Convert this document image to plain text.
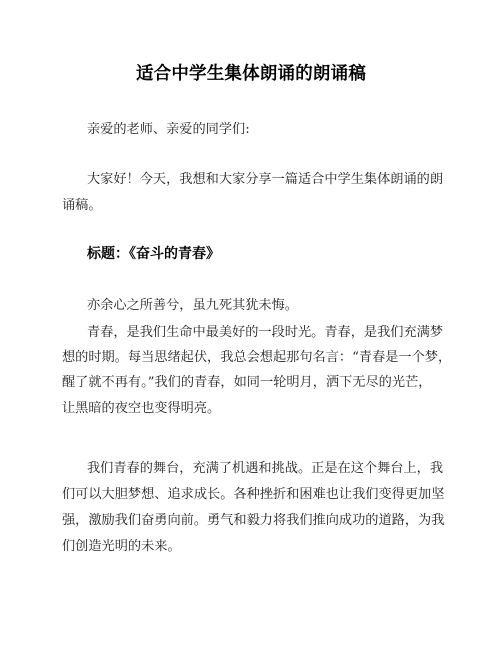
适合中学生集体朗诵的朗诵稿
亲爱的老师、亲爱的同学们:
大家好！今天，我想和大家分享一篇适合中学生集体朗诵的朗
诵稿。
标题：《奋斗的青春》
亦余心之所善兮，虽九死其犹未悔。
青春，是我们生命中最美好的一段时光。青春，是我们充满梦
想的时期。每当思绪起伏，我总会想起那句名言：“青春是一个梦，
醒了就不再有。”我们的青春，如同一轮明月，洒下无尽的光芒，
让黑暗的夜空也变得明亮。
我们青春的舞台，充满了机遇和挑战。正是在这个舞台上，我
们可以大胆梦想、追求成长。各种挫折和困难也让我们变得更加坚
强，激励我们奋勇向前。勇气和毅力将我们推向成功的道路，为我
们创造光明的未来。
